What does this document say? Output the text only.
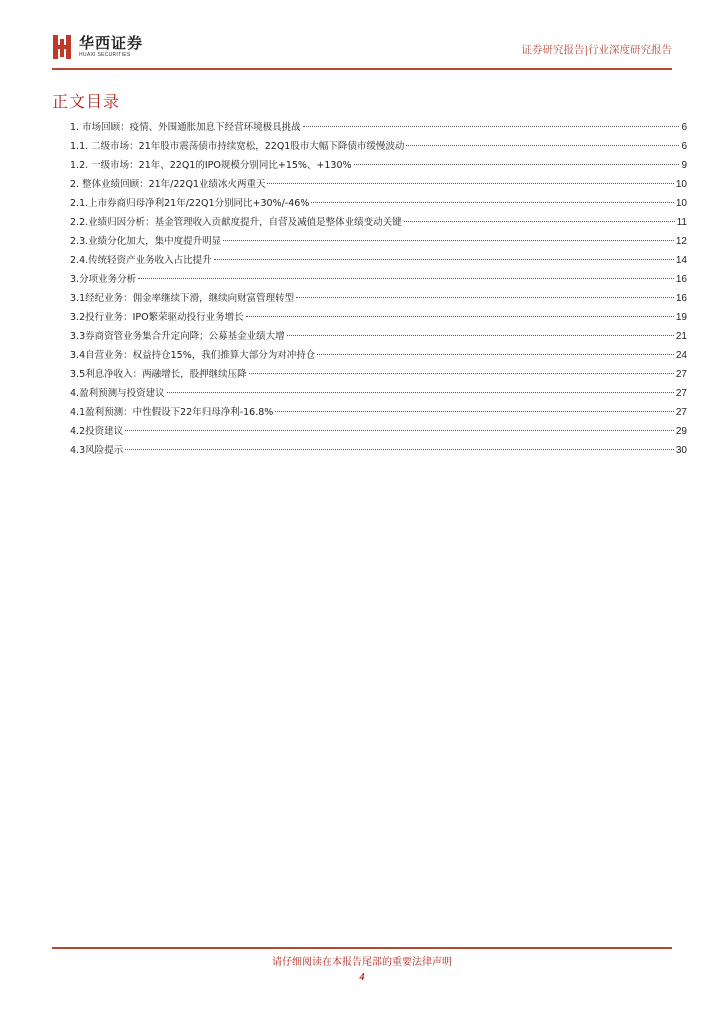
华西证券
HUAXI SECURITIES	证券研究报告|行业深度研究报告
正文目录
1. 市场回顾：疫情、外围通胀加息下经营环境极具挑战	6
1.1. 二级市场：21年股市震荡债市持续宽松，22Q1股市大幅下降债市缓慢波动	6
1.2. 一级市场：21年、22Q1的IPO规模分别同比+15%、+130%	9
2. 整体业绩回顾：21年/22Q1业绩冰火两重天	10
2.1.上市券商归母净利21年/22Q1分别同比+30%/-46%	10
2.2.业绩归因分析：基金管理收入贡献度提升，自营及减值是整体业绩变动关键	11
2.3.业绩分化加大，集中度提升明显	12
2.4.传统轻资产业务收入占比提升	14
3.分项业务分析	16
3.1经纪业务：佣金率继续下滑，继续向财富管理转型	16
3.2投行业务：IPO繁荣驱动投行业务增长	19
3.3券商资管业务集合升定向降；公募基金业绩大增	21
3.4自营业务：权益持仓15%，我们推算大部分为对冲持仓	24
3.5利息净收入：两融增长，股押继续压降	27
4.盈利预测与投资建议	27
4.1盈利预测：中性假设下22年归母净利-16.8%	27
4.2投资建议	29
4.3风险提示	30
请仔细阅读在本报告尾部的重要法律声明
4
